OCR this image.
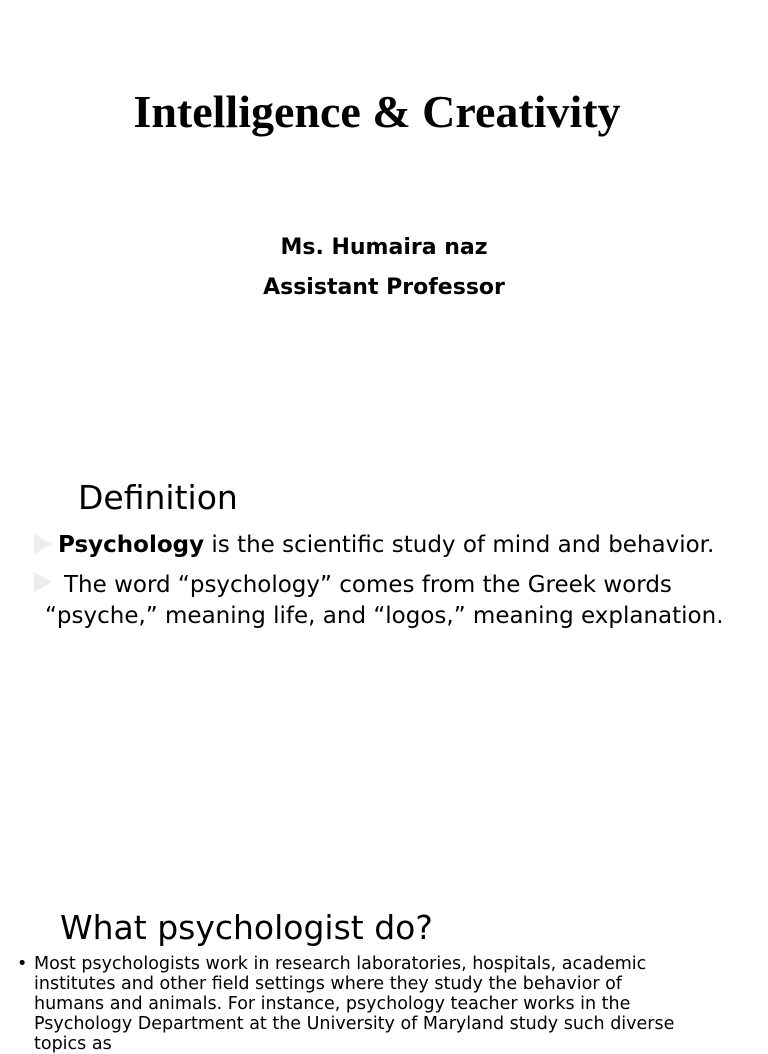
Intelligence & Creativity
Ms. Humaira naz
Assistant Professor
Definition
Psychology is the scientific study of mind and behavior.
The word “psychology” comes from the Greek words “psyche,” meaning life, and “logos,” meaning explanation.
What psychologist do?
• Most psychologists work in research laboratories, hospitals, academic institutes and other field settings where they study the behavior of humans and animals. For instance, psychology teacher works in the Psychology Department at the University of Maryland study such diverse topics as
